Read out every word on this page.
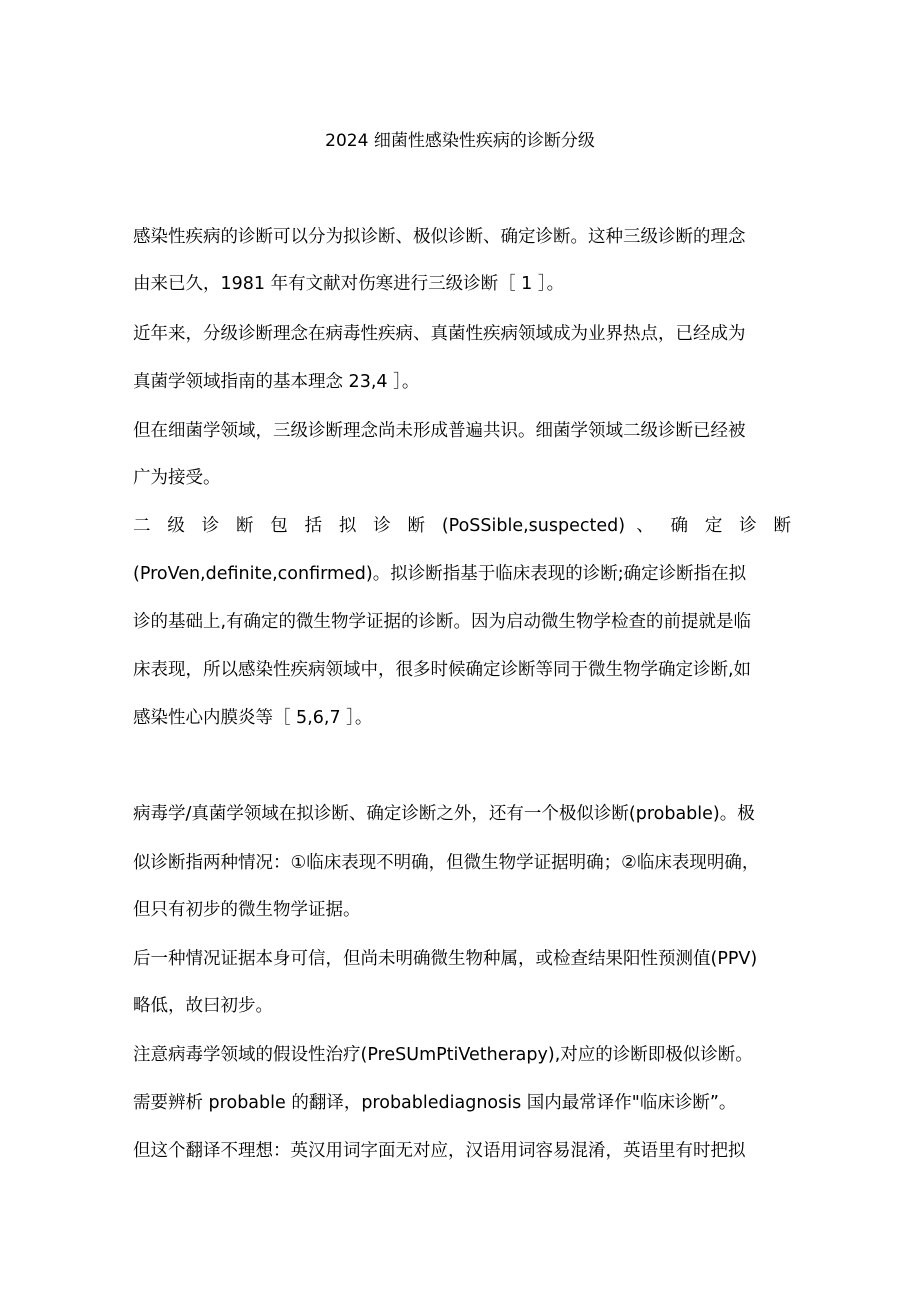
2024 细菌性感染性疾病的诊断分级
感染性疾病的诊断可以分为拟诊断、极似诊断、确定诊断。这种三级诊断的理念
由来已久，1981 年有文献对伤寒进行三级诊断［ 1 ］。
近年来，分级诊断理念在病毒性疾病、真菌性疾病领域成为业界热点，已经成为
真菌学领域指南的基本理念 23,4 ］。
但在细菌学领域，三级诊断理念尚未形成普遍共识。细菌学领域二级诊断已经被
广为接受。
二 级 诊 断 包 括 拟 诊 断 (PoSSible,suspected) 、 确 定 诊 断
(ProVen,definite,confirmed)。拟诊断指基于临床表现的诊断;确定诊断指在拟
诊的基础上,有确定的微生物学证据的诊断。因为启动微生物学检查的前提就是临
床表现，所以感染性疾病领域中，很多时候确定诊断等同于微生物学确定诊断,如
感染性心内膜炎等［ 5,6,7 ］。
病毒学/真菌学领域在拟诊断、确定诊断之外，还有一个极似诊断(probable)。极
似诊断指两种情况：①临床表现不明确，但微生物学证据明确；②临床表现明确，
但只有初步的微生物学证据。
后一种情况证据本身可信，但尚未明确微生物种属，或检查结果阳性预测值(PPV)
略低，故曰初步。
注意病毒学领域的假设性治疗(PreSUmPtiVetherapy),对应的诊断即极似诊断。
需要辨析 probable 的翻译，probablediagnosis 国内最常译作"临床诊断”。
但这个翻译不理想：英汉用词字面无对应，汉语用词容易混淆，英语里有时把拟
